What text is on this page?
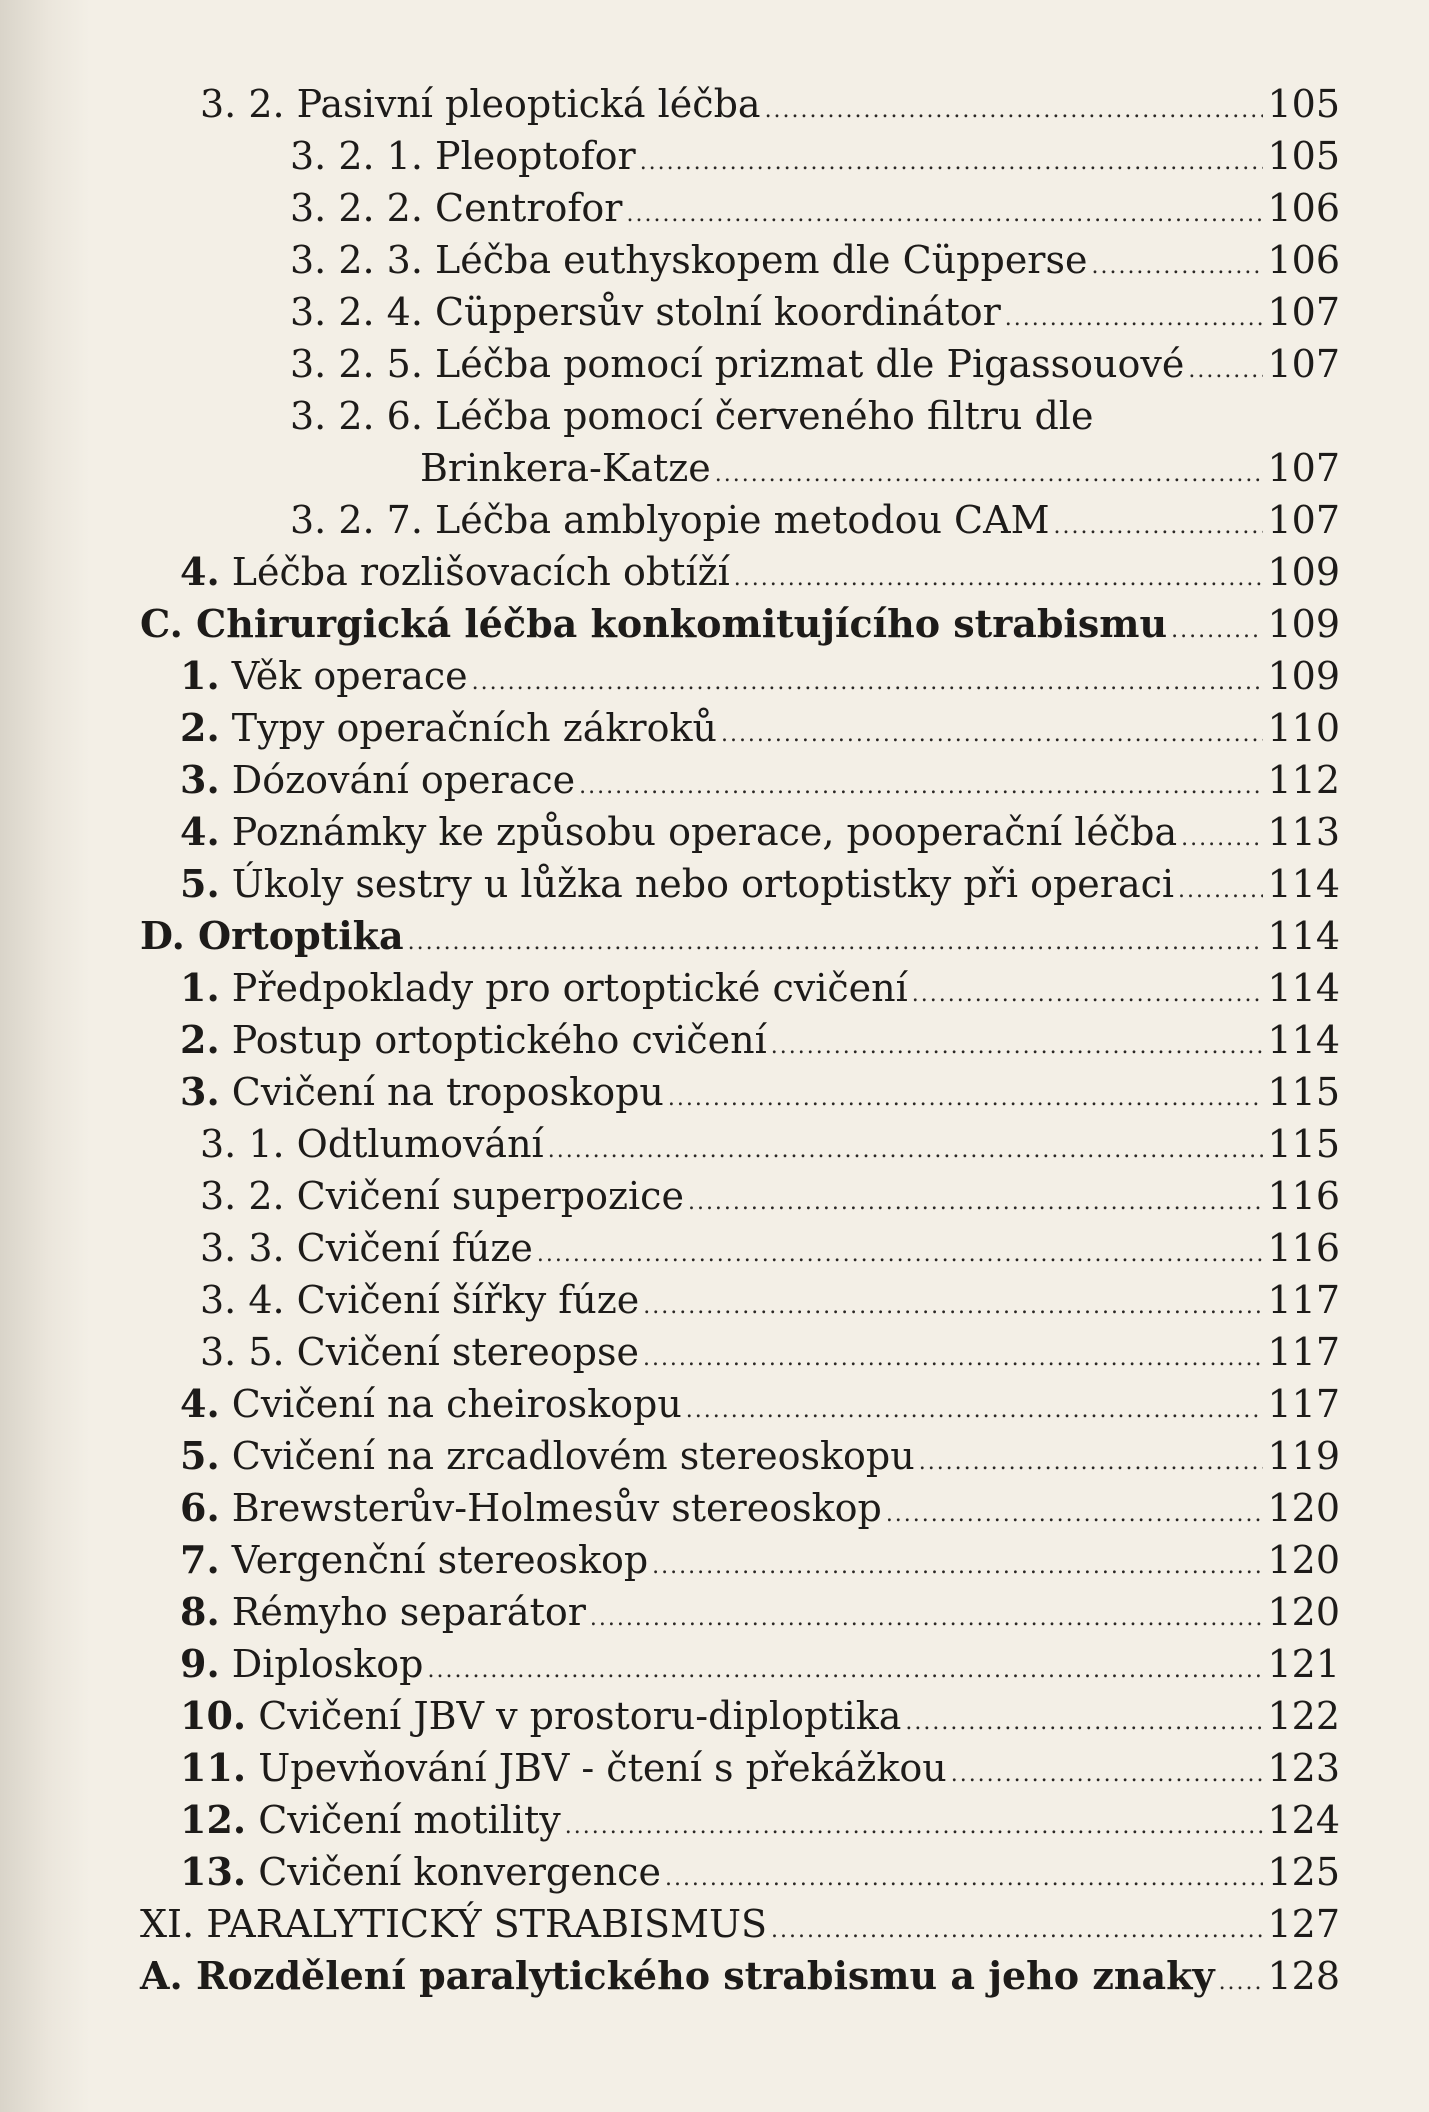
3. 2. Pasivní pleoptická léčba .....	105
3. 2. 1. Pleoptofor .....	105
3. 2. 2. Centrofor .....	106
3. 2. 3. Léčba euthyskopem dle Cüpperse .....	106
3. 2. 4. Cüppersův stolní koordinátor .....	107
3. 2. 5. Léčba pomocí prizmat dle Pigassouové ..... 107
3. 2. 6. Léčba pomocí červeného filtru dle
Brinkera-Katze .....	107
3. 2. 7. Léčba amblyopie metodou CAM .....	107
4. Léčba rozlišovacích obtíží .....	109
C. Chirurgická léčba konkomitujícího strabismu .....	109
1. Věk operace .....	109
2. Typy operačních zákroků .....	110
3. Dózování operace .....	112
4. Poznámky ke způsobu operace, pooperační léčba ..... 113
5. Úkoly sestry u lůžka nebo ortoptistky při operaci ..... 114
D. Ortoptika .....	114
1. Předpoklady pro ortoptické cvičení .....	114
2. Postup ortoptického cvičení .....	114
3. Cvičení na troposkopu .....	115
3. 1. Odtlumování .....	115
3. 2. Cvičení superpozice .....	116
3. 3. Cvičení fúze .....	116
3. 4. Cvičení šířky fúze .....	117
3. 5. Cvičení stereopse .....	117
4. Cvičení na cheiroskopu .....	117
5. Cvičení na zrcadlovém stereoskopu .....	119
6. Brewsterův-Holmesův stereoskop .....	120
7. Vergenční stereoskop .....	120
8. Rémyho separátor .....	120
9. Diploskop .....	121
10. Cvičení JBV v prostoru-diploptika .....	122
11. Upevňování JBV - čtení s překážkou .....	123
12. Cvičení motility .....	124
13. Cvičení konvergence .....	125
XI. PARALYTICKÝ STRABISMUS .....	127
A. Rozdělení paralytického strabismu a jeho znaky ..... 128
